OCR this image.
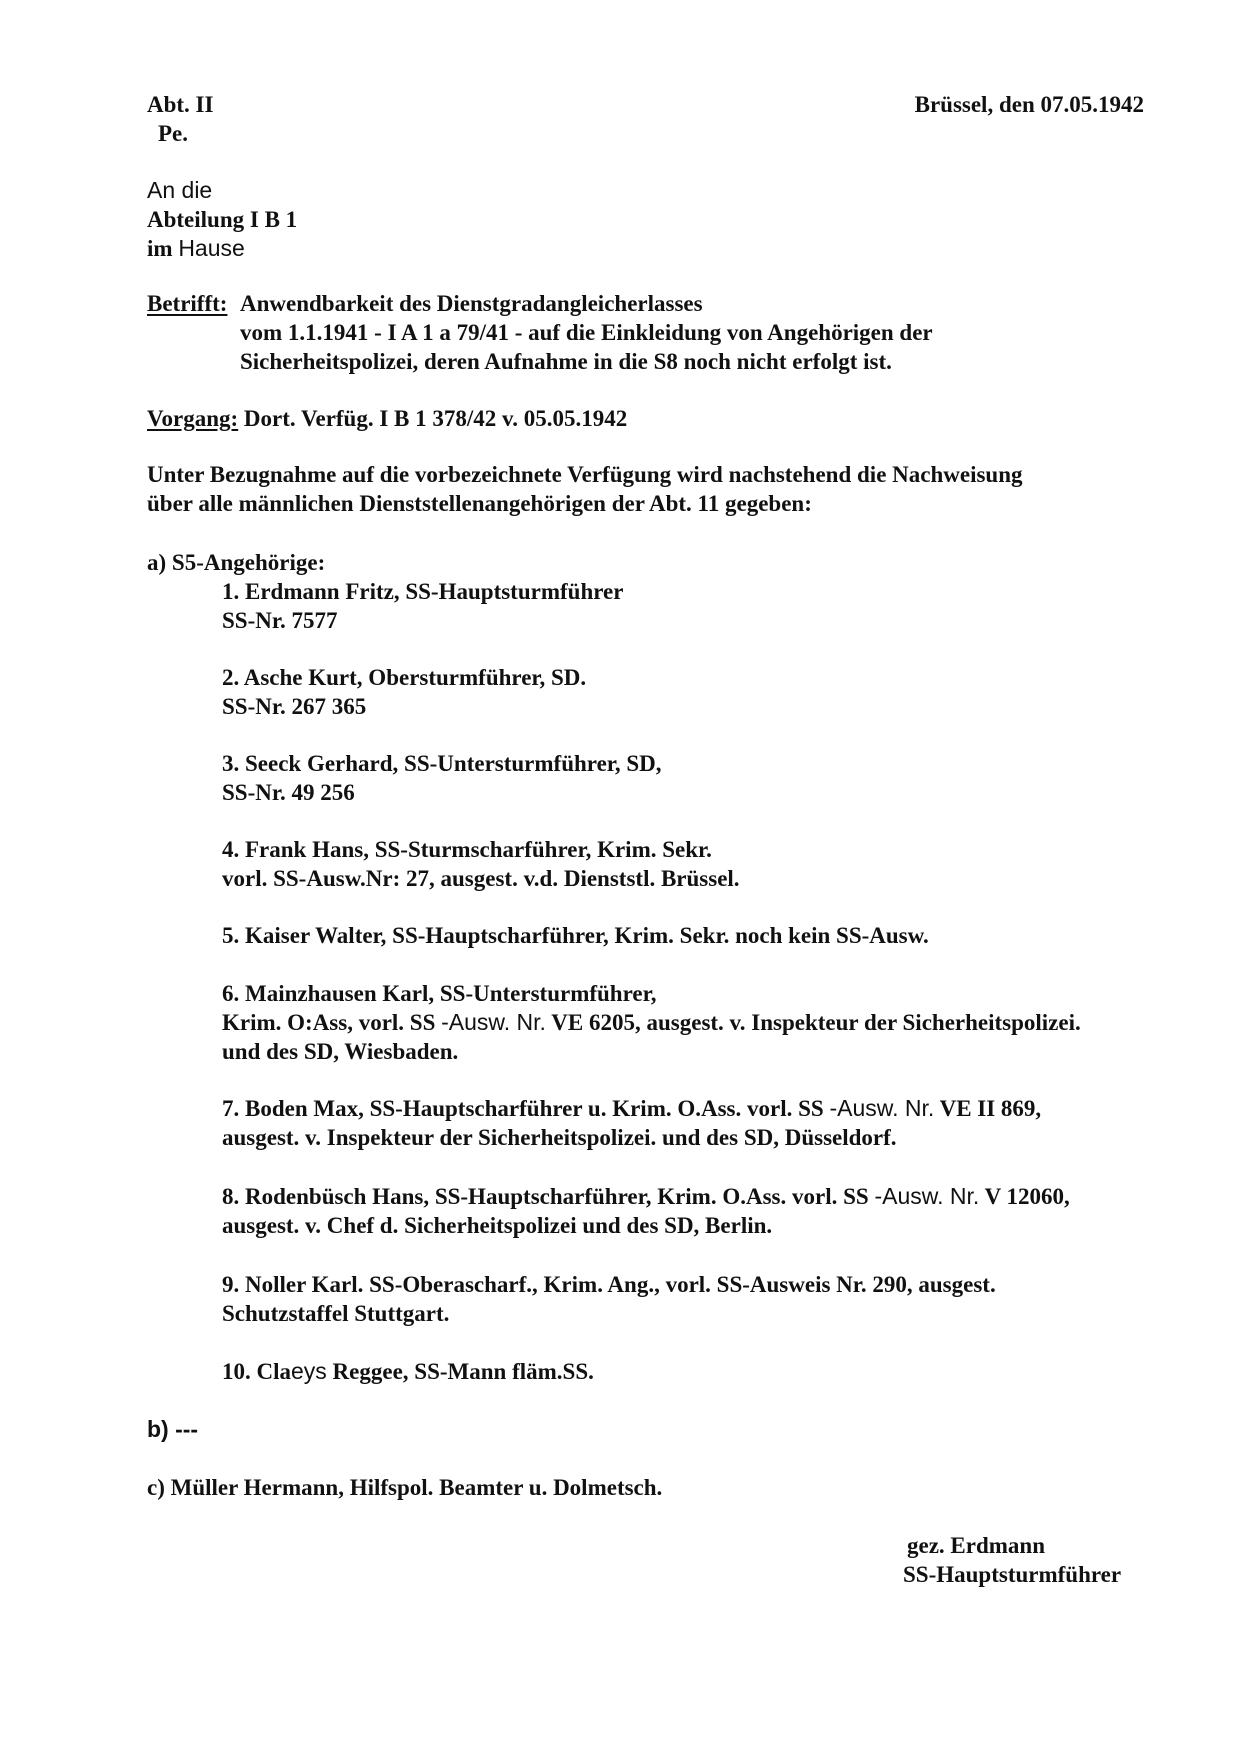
Abt. II
Pe.
Brüssel, den 07.05.1942
An die
Abteilung I B 1
im Hause
Betrifft: Anwendbarkeit des Dienstgradangleicherlasses
vom 1.1.1941 - I A 1 a 79/41 - auf die Einkleidung von Angehörigen der
Sicherheitspolizei, deren Aufnahme in die S8 noch nicht erfolgt ist.
Vorgang: Dort. Verfüg. I B 1 378/42 v. 05.05.1942
Unter Bezugnahme auf die vorbezeichnete Verfügung wird nachstehend die Nachweisung
über alle männlichen Dienststellenangehörigen der Abt. 11 gegeben:
a) S5-Angehörige:
1. Erdmann Fritz, SS-Hauptsturmführer
SS-Nr. 7577
2. Asche Kurt, Obersturmführer, SD.
SS-Nr. 267 365
3. Seeck Gerhard, SS-Untersturmführer, SD,
SS-Nr. 49 256
4. Frank Hans, SS-Sturmscharführer, Krim. Sekr.
vorl. SS-Ausw.Nr: 27, ausgest. v.d. Dienststl. Brüssel.
5. Kaiser Walter, SS-Hauptscharführer, Krim. Sekr. noch kein SS-Ausw.
6. Mainzhausen Karl, SS-Untersturmführer,
Krim. O:Ass, vorl. SS -Ausw. Nr. VE 6205, ausgest. v. Inspekteur der Sicherheitspolizei.
und des SD, Wiesbaden.
7. Boden Max, SS-Hauptscharführer u. Krim. O.Ass. vorl. SS -Ausw. Nr. VE II 869,
ausgest. v. Inspekteur der Sicherheitspolizei. und des SD, Düsseldorf.
8. Rodenbüsch Hans, SS-Hauptscharführer, Krim. O.Ass. vorl. SS -Ausw. Nr. V 12060,
ausgest. v. Chef d. Sicherheitspolizei und des SD, Berlin.
9. Noller Karl. SS-Oberascharf., Krim. Ang., vorl. SS-Ausweis Nr. 290, ausgest.
Schutzstaffel Stuttgart.
10. Claeys Reggee, SS-Mann fläm.SS.
b) ---
c) Müller Hermann, Hilfspol. Beamter u. Dolmetsch.
gez. Erdmann
SS-Hauptsturmführer
